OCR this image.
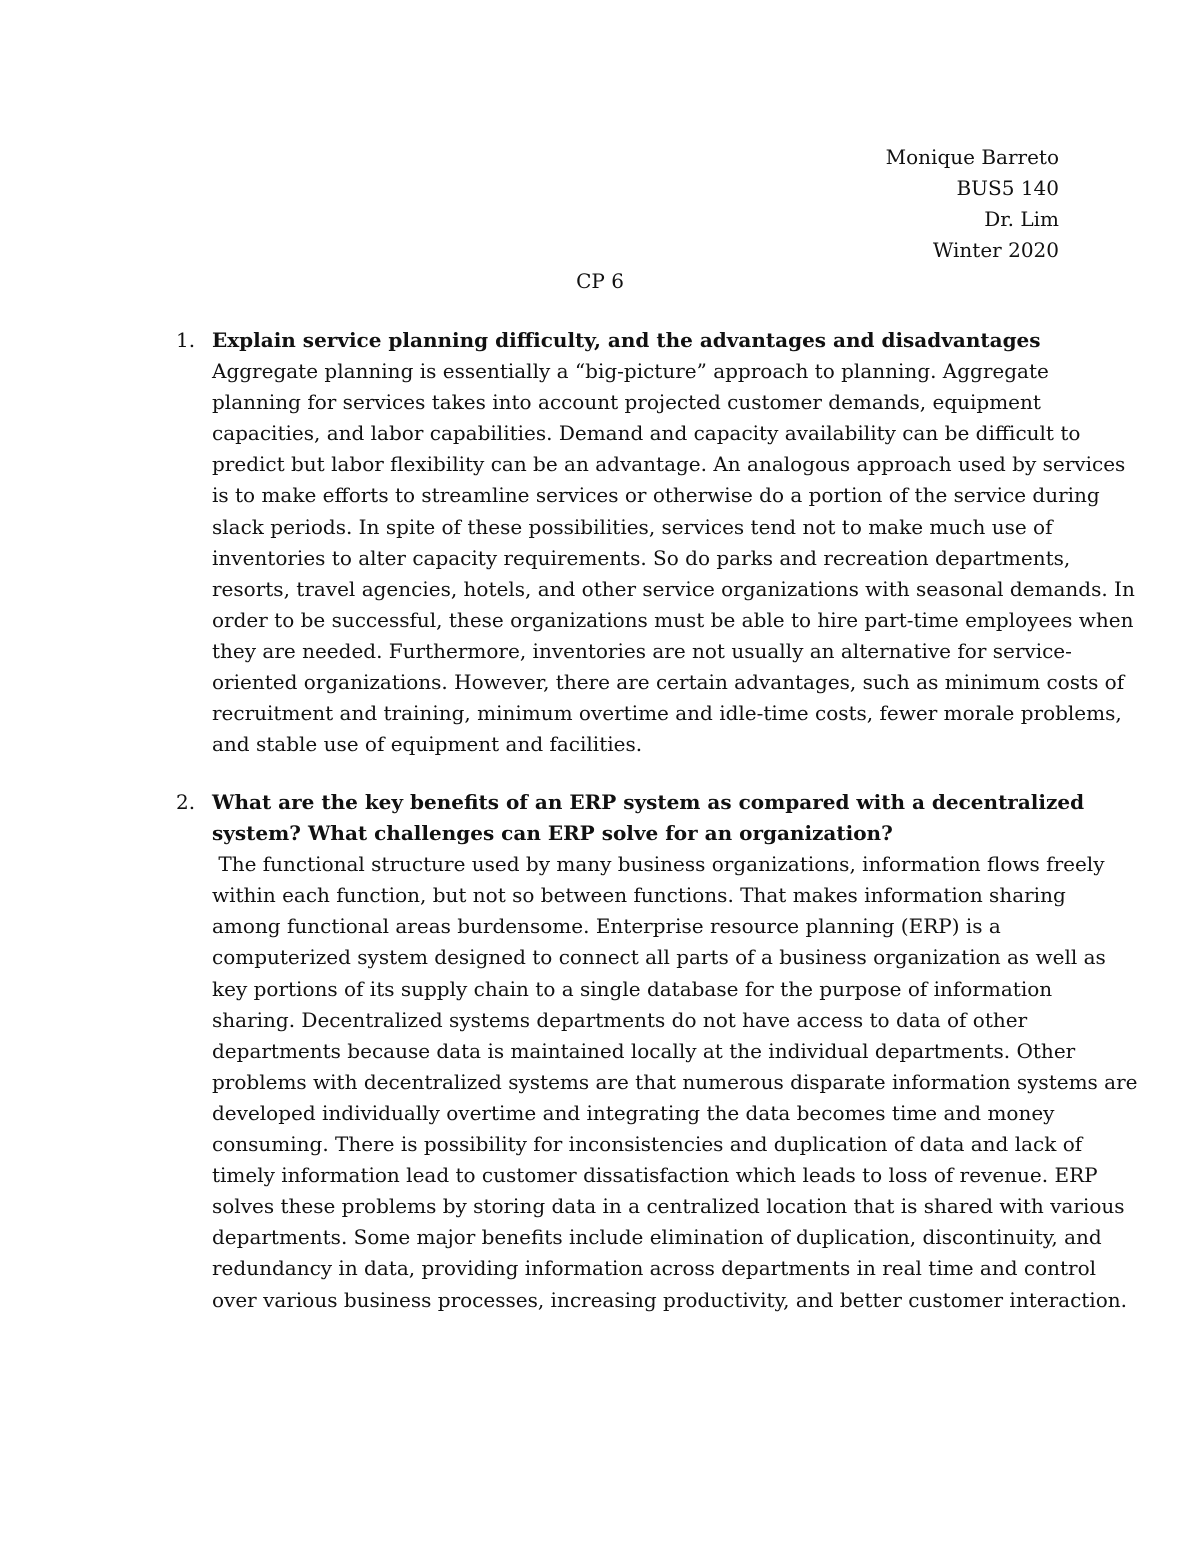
Monique Barreto
BUS5 140
Dr. Lim
Winter 2020
CP 6
1. Explain service planning difficulty, and the advantages and disadvantages
Aggregate planning is essentially a “big-picture” approach to planning. Aggregate
planning for services takes into account projected customer demands, equipment
capacities, and labor capabilities. Demand and capacity availability can be difficult to
predict but labor flexibility can be an advantage. An analogous approach used by services
is to make efforts to streamline services or otherwise do a portion of the service during
slack periods. In spite of these possibilities, services tend not to make much use of
inventories to alter capacity requirements. So do parks and recreation departments,
resorts, travel agencies, hotels, and other service organizations with seasonal demands. In
order to be successful, these organizations must be able to hire part-time employees when
they are needed. Furthermore, inventories are not usually an alternative for service-
oriented organizations. However, there are certain advantages, such as minimum costs of
recruitment and training, minimum overtime and idle-time costs, fewer morale problems,
and stable use of equipment and facilities.
2. What are the key benefits of an ERP system as compared with a decentralized
system? What challenges can ERP solve for an organization?
The functional structure used by many business organizations, information flows freely
within each function, but not so between functions. That makes information sharing
among functional areas burdensome. Enterprise resource planning (ERP) is a
computerized system designed to connect all parts of a business organization as well as
key portions of its supply chain to a single database for the purpose of information
sharing. Decentralized systems departments do not have access to data of other
departments because data is maintained locally at the individual departments. Other
problems with decentralized systems are that numerous disparate information systems are
developed individually overtime and integrating the data becomes time and money
consuming. There is possibility for inconsistencies and duplication of data and lack of
timely information lead to customer dissatisfaction which leads to loss of revenue. ERP
solves these problems by storing data in a centralized location that is shared with various
departments. Some major benefits include elimination of duplication, discontinuity, and
redundancy in data, providing information across departments in real time and control
over various business processes, increasing productivity, and better customer interaction.
